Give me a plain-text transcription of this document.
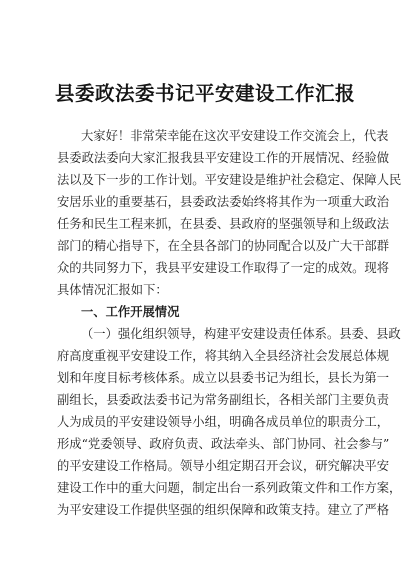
县委政法委书记平安建设工作汇报
大家好！非常荣幸能在这次平安建设工作交流会上，代表
县委政法委向大家汇报我县平安建设工作的开展情况、经验做
法以及下一步的工作计划。平安建设是维护社会稳定、保障人民
安居乐业的重要基石，县委政法委始终将其作为一项重大政治
任务和民生工程来抓，在县委、县政府的坚强领导和上级政法
部门的精心指导下，在全县各部门的协同配合以及广大干部群
众的共同努力下，我县平安建设工作取得了一定的成效。现将
具体情况汇报如下：
一、工作开展情况
（一）强化组织领导，构建平安建设责任体系。县委、县政
府高度重视平安建设工作，将其纳入全县经济社会发展总体规
划和年度目标考核体系。成立以县委书记为组长，县长为第一
副组长，县委政法委书记为常务副组长，各相关部门主要负责
人为成员的平安建设领导小组，明确各成员单位的职责分工，
形成“党委领导、政府负责、政法牵头、部门协同、社会参与”
的平安建设工作格局。领导小组定期召开会议，研究解决平安
建设工作中的重大问题，制定出台一系列政策文件和工作方案，
为平安建设工作提供坚强的组织保障和政策支持。建立了严格
